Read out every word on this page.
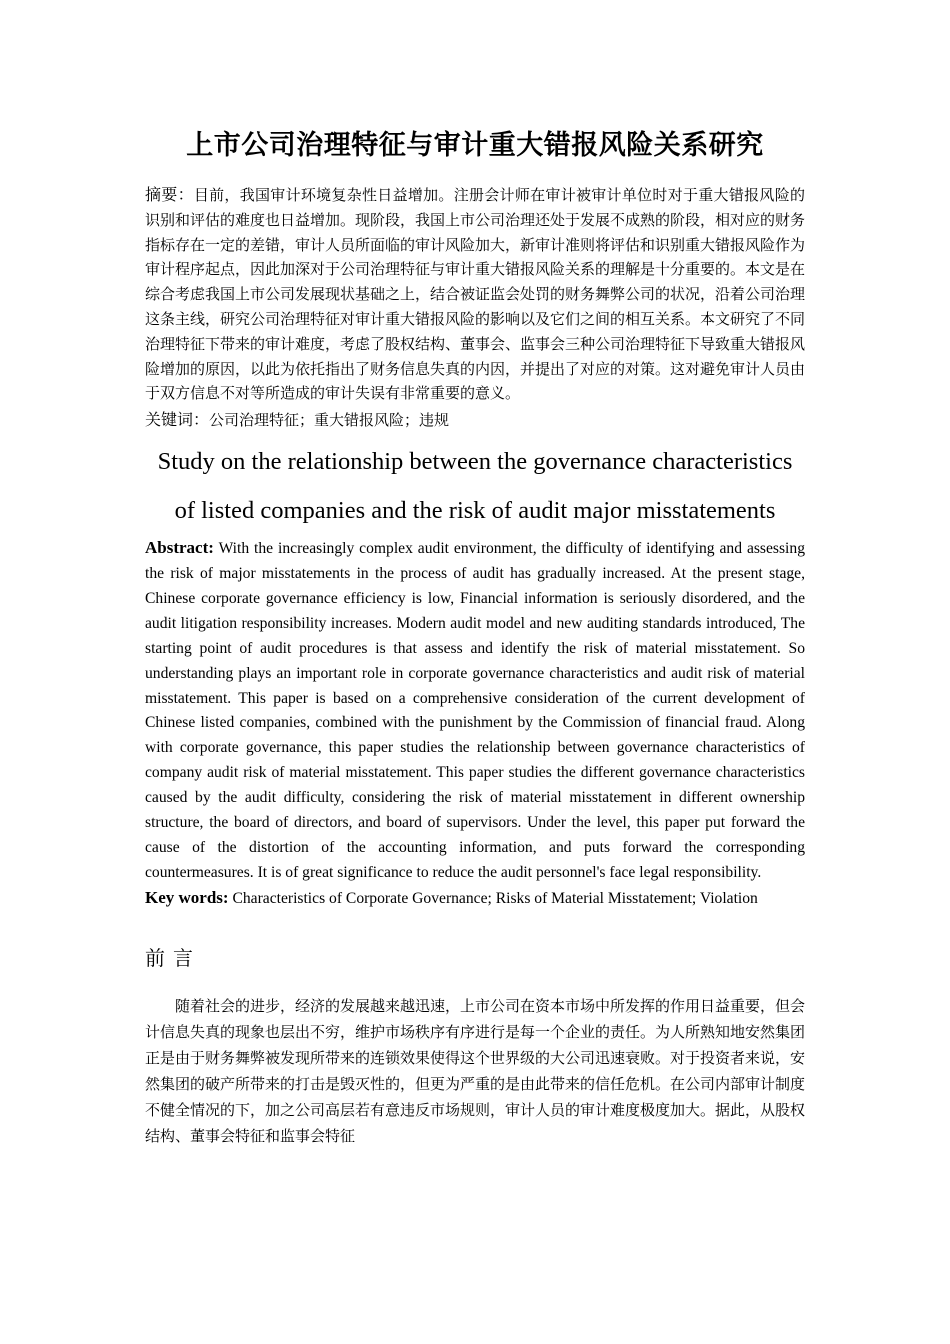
上市公司治理特征与审计重大错报风险关系研究

摘要：目前，我国审计环境复杂性日益增加。注册会计师在审计被审计单位时对于重大错报风险的识别和评估的难度也日益增加。现阶段，我国上市公司治理还处于发展不成熟的阶段，相对应的财务指标存在一定的差错，审计人员所面临的审计风险加大，新审计准则将评估和识别重大错报风险作为审计程序起点，因此加深对于公司治理特征与审计重大错报风险关系的理解是十分重要的。本文是在综合考虑我国上市公司发展现状基础之上，结合被证监会处罚的财务舞弊公司的状况，沿着公司治理这条主线，研究公司治理特征对审计重大错报风险的影响以及它们之间的相互关系。本文研究了不同治理特征下带来的审计难度，考虑了股权结构、董事会、监事会三种公司治理特征下导致重大错报风险增加的原因，以此为依托指出了财务信息失真的内因，并提出了对应的对策。这对避免审计人员由于双方信息不对等所造成的审计失误有非常重要的意义。

关键词：公司治理特征；重大错报风险；违规

Study on the relationship between the governance characteristics
of listed companies and the risk of audit major misstatements

Abstract: With the increasingly complex audit environment, the difficulty of identifying and assessing the risk of major misstatements in the process of audit has gradually increased. At the present stage, Chinese corporate governance efficiency is low, Financial information is seriously disordered, and the audit litigation responsibility increases. Modern audit model and new auditing standards introduced, The starting point of audit procedures is that assess and identify the risk of material misstatement. So understanding plays an important role in corporate governance characteristics and audit risk of material misstatement. This paper is based on a comprehensive consideration of the current development of Chinese listed companies, combined with the punishment by the Commission of financial fraud. Along with corporate governance, this paper studies the relationship between governance characteristics of company audit risk of material misstatement. This paper studies the different governance characteristics caused by the audit difficulty, considering the risk of material misstatement in different ownership structure, the board of directors, and board of supervisors. Under the level, this paper put forward the cause of the distortion of the accounting information, and puts forward the corresponding countermeasures. It is of great significance to reduce the audit personnel's face legal responsibility.

Key words: Characteristics of Corporate Governance; Risks of Material Misstatement; Violation

前言

随着社会的进步，经济的发展越来越迅速，上市公司在资本市场中所发挥的作用日益重要，但会计信息失真的现象也层出不穷，维护市场秩序有序进行是每一个企业的责任。为人所熟知地安然集团正是由于财务舞弊被发现所带来的连锁效果使得这个世界级的大公司迅速衰败。对于投资者来说，安然集团的破产所带来的打击是毁灭性的，但更为严重的是由此带来的信任危机。在公司内部审计制度不健全情况的下，加之公司高层若有意违反市场规则，审计人员的审计难度极度加大。据此，从股权结构、董事会特征和监事会特征
